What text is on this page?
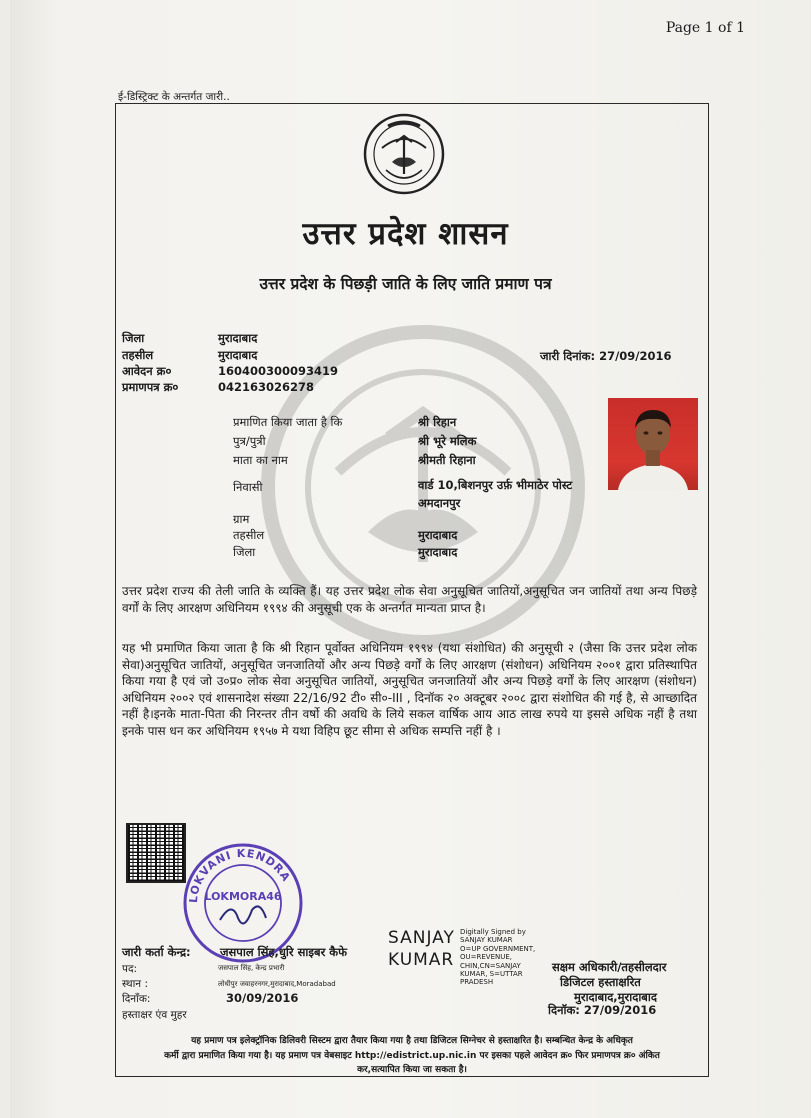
Page 1 of 1
ई-डिस्ट्रिक्ट के अन्तर्गत जारी..
उत्तर प्रदेश शासन
उत्तर प्रदेश के पिछड़ी जाति के लिए जाति प्रमाण पत्र
जिला	मुरादाबाद
तहसील	मुरादाबाद
आवेदन क्र०	160400300093419
प्रमाणपत्र क्र०	042163026278
जारी दिनांक: 27/09/2016
प्रमाणित किया जाता है कि	श्री रिहान
पुत्र/पुत्री	श्री भूरे मलिक
माता का नाम	श्रीमती रिहाना
निवासी	वार्ड 10,बिशनपुर उर्फ़ भीमाठेर पोस्ट
अमदानपुर
ग्राम
तहसील	मुरादाबाद
जिला	मुरादाबाद
उत्तर प्रदेश राज्य की तेली जाति के व्यक्ति हैं। यह उत्तर प्रदेश लोक सेवा अनुसूचित जातियों,अनुसूचित जन जातियों तथा अन्य पिछड़े वर्गों के लिए आरक्षण अधिनियम १९९४ की अनुसूची एक के अन्तर्गत मान्यता प्राप्त है।
यह भी प्रमाणित किया जाता है कि श्री रिहान पूर्वोक्त अधिनियम १९९४ (यथा संशोधित) की अनुसूची २ (जैसा कि उत्तर प्रदेश लोक सेवा)अनुसूचित जातियों, अनुसूचित जनजातियों और अन्य पिछड़े वर्गों के लिए आरक्षण (संशोधन) अधिनियम २००१ द्वारा प्रतिस्थापित किया गया है एवं जो उ०प्र० लोक सेवा अनुसूचित जातियों, अनुसूचित जनजातियों और अन्य पिछड़े वर्गों के लिए आरक्षण (संशोधन) अधिनियम २००२ एवं शासनादेश संख्या 22/16/92 टी० सी०-III , दिनॉक २० अक्टूबर २००८ द्वारा संशोधित की गई है, से आच्छादित नहीं है।इनके माता-पिता की निरन्तर तीन वर्षो की अवधि के लिये सकल वार्षिक आय आठ लाख रुपये या इससे अधिक नहीं है तथा इनके पास धन कर अधिनियम १९५७ मे यथा विहिप छूट सीमा से अधिक सम्पत्ति नहीं है ।
LOKVANI KENDRA
LOKMORA46
जारी कर्ता केन्द्र:	जसपाल सिंह,धुरि साइबर कैफे
पद:	जसपाल सिंह, केन्द्र प्रभारी
स्थान :	लोधीपुर जवाहरनगर,मुरादाबाद,Moradabad
दिनाँक:	30/09/2016
हस्ताक्षर एंव मुहर
SANJAY
KUMAR
Digitally Signed by
SANJAY KUMAR
O=UP GOVERNMENT,
OU=REVENUE,
CHIN,CN=SANJAY
KUMAR, S=UTTAR
PRADESH
सक्षम अधिकारी/तहसीलदार
डिजिटल हस्ताक्षरित
मुरादाबाद,मुरादाबाद
दिनॉक: 27/09/2016
यह प्रमाण पत्र इलेक्ट्रॉनिक डिलिवरी सिस्टम द्वारा तैयार किया गया है तथा डिजिटल सिग्नेचर से हस्ताक्षरित है। सम्बन्धित केन्द्र के अधिकृत
कर्मी द्वारा प्रमाणित किया गया है। यह प्रमाण पत्र वेबसाइट http://edistrict.up.nic.in पर इसका पहले आवेदन क्र० फिर प्रमाणपत्र क्र० अंकित
कर,सत्यापित किया जा सकता है।
